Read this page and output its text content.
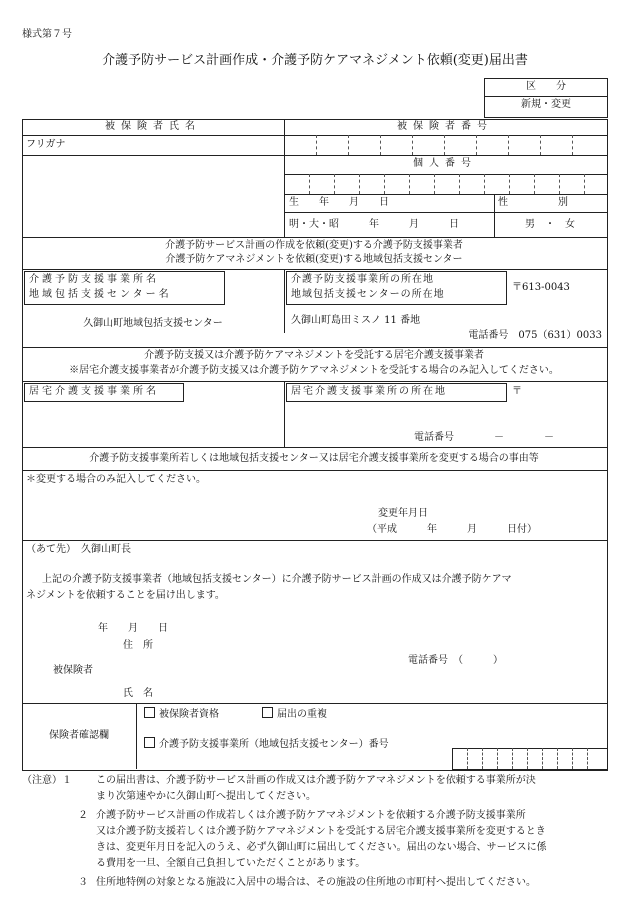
様式第７号
介護予防サービス計画作成・介護予防ケアマネジメント依頼(変更)届出書
区　　分
新規・変更
被保険者氏名	被保険者番号
フリガナ
個人番号
生　　年　　月　　日	性　　　　　別
明・大・昭　　　年　　　月　　　日	男　・　女
介護予防サービス計画の作成を依頼(変更)する介護予防支援事業者
介護予防ケアマネジメントを依頼(変更)する地域包括支援センター
介護予防支援事業所名
地域包括支援センター名
介護予防支援事業所の所在地
地域包括支援センターの所在地
〒613-0043
久御山町地域包括支援センター	久御山町島田ミスノ 11 番地
電話番号　075（631）0033
介護予防支援又は介護予防ケアマネジメントを受託する居宅介護支援事業者
※居宅介護支援事業者が介護予防支援又は介護予防ケアマネジメントを受託する場合のみ記入してください。
居宅介護支援事業所名	居宅介護支援事業所の所在地	〒
電話番号　　　　－　　　　－
介護予防支援事業所若しくは地域包括支援センター又は居宅介護支援事業所を変更する場合の事由等
＊変更する場合のみ記入してください。
変更年月日
（平成　　　年　　　月　　　日付）
（あて先）　久御山町長
上記の介護予防支援事業者（地域包括支援センター）に介護予防サービス計画の作成又は介護予防ケアマ
ネジメントを依頼することを届け出します。
年　　月　　日
住　所
電話番号　（　　　）
被保険者
氏　名
保険者確認欄
被保険者資格	届出の重複
介護予防支援事業所（地域包括支援センター）番号
（注意）１ この届出書は、介護予防サービス計画の作成又は介護予防ケアマネジメントを依頼する事業所が決
まり次第速やかに久御山町へ提出してください。
２ 介護予防サービス計画の作成若しくは介護予防ケアマネジメントを依頼する介護予防支援事業所
又は介護予防支援若しくは介護予防ケアマネジメントを受託する居宅介護支援事業所を変更するとき
きは、変更年月日を記入のうえ、必ず久御山町に届出してください。届出のない場合、サービスに係
る費用を一旦、全額自己負担していただくことがあります。
３ 住所地特例の対象となる施設に入居中の場合は、その施設の住所地の市町村へ提出してください。
